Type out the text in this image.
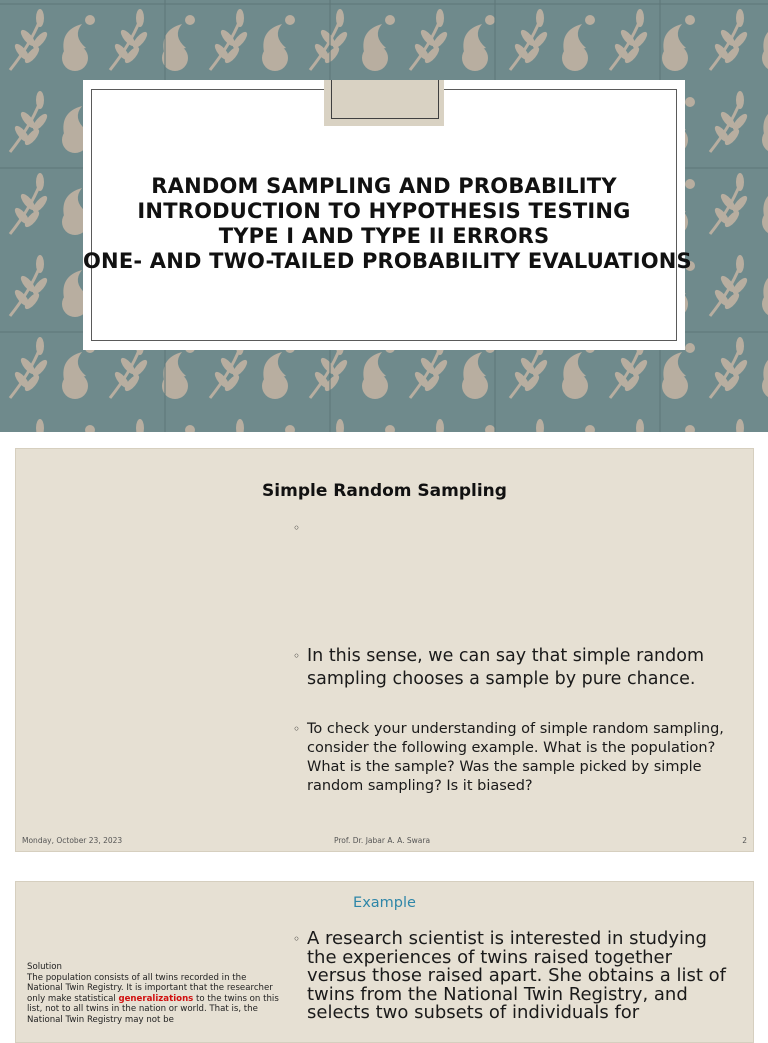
RANDOM SAMPLING AND PROBABILITY
INTRODUCTION TO HYPOTHESIS TESTING
TYPE I AND TYPE II ERRORS
ONE- AND TWO-TAILED PROBABILITY EVALUATIONS
Simple Random Sampling
◦
◦ In this sense, we can say that simple random sampling chooses a sample by pure chance.
◦ To check your understanding of simple random sampling, consider the following example. What is the population? What is the sample? Was the sample picked by simple random sampling? Is it biased?
Monday, October 23, 2023	Prof. Dr. Jabar A. A. Swara	2
Example
Solution
The population consists of all twins recorded in the National Twin Registry. It is important that the researcher only make statistical generalizations to the twins on this list, not to all twins in the nation or world. That is, the National Twin Registry may not be
◦ A research scientist is interested in studying the experiences of twins raised together versus those raised apart. She obtains a list of twins from the National Twin Registry, and selects two subsets of individuals for
